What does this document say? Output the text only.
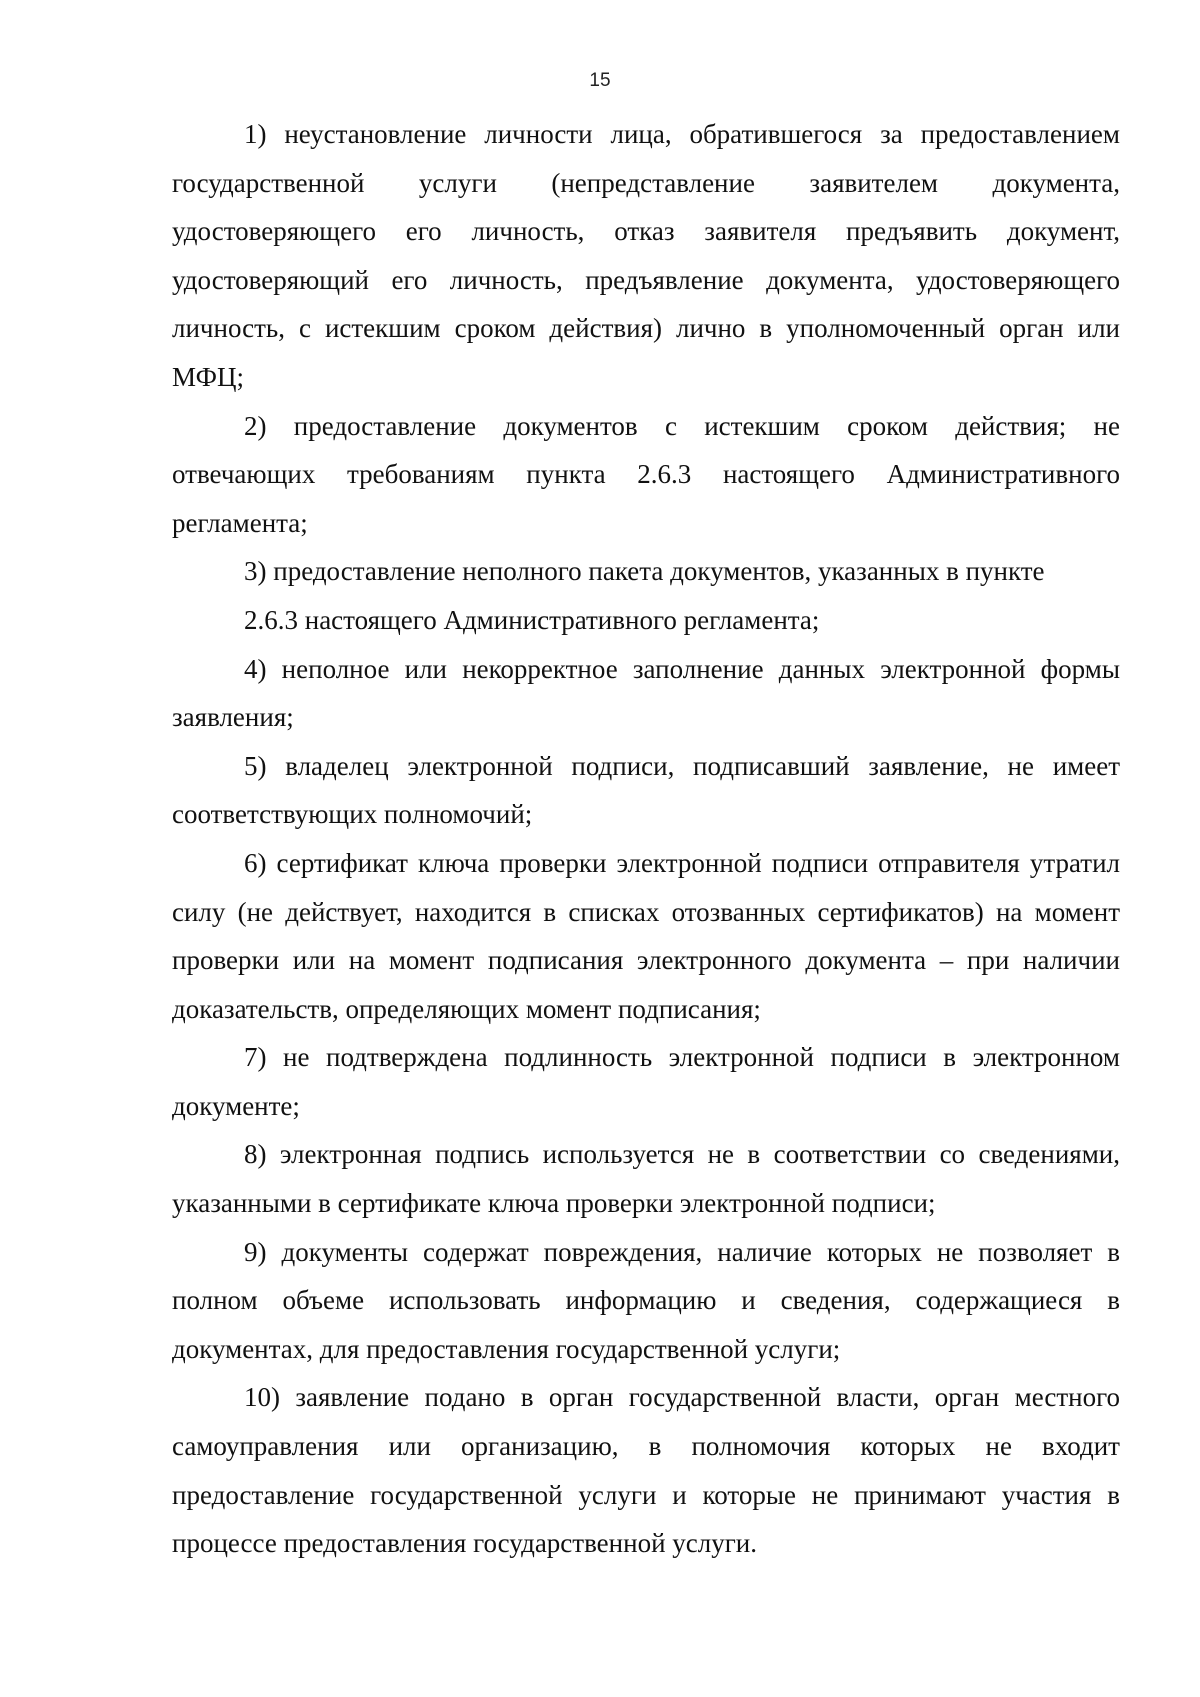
15

1) неустановление личности лица, обратившегося за предоставлением государственной услуги (непредставление заявителем документа, удостоверяющего его личность, отказ заявителя предъявить документ, удостоверяющий его личность, предъявление документа, удостоверяющего личность, с истекшим сроком действия) лично в уполномоченный орган или МФЦ;

2) предоставление документов с истекшим сроком действия; не отвечающих требованиям пункта 2.6.3 настоящего Административного регламента;

3) предоставление неполного пакета документов, указанных в пункте

2.6.3 настоящего Административного регламента;

4) неполное или некорректное заполнение данных электронной формы заявления;

5) владелец электронной подписи, подписавший заявление, не имеет соответствующих полномочий;

6) сертификат ключа проверки электронной подписи отправителя утратил силу (не действует, находится в списках отозванных сертификатов) на момент проверки или на момент подписания электронного документа – при наличии доказательств, определяющих момент подписания;

7) не подтверждена подлинность электронной подписи в электронном документе;

8) электронная подпись используется не в соответствии со сведениями, указанными в сертификате ключа проверки электронной подписи;

9) документы содержат повреждения, наличие которых не позволяет в полном объеме использовать информацию и сведения, содержащиеся в документах, для предоставления государственной услуги;

10) заявление подано в орган государственной власти, орган местного самоуправления или организацию, в полномочия которых не входит предоставление государственной услуги и которые не принимают участия в процессе предоставления государственной услуги.
